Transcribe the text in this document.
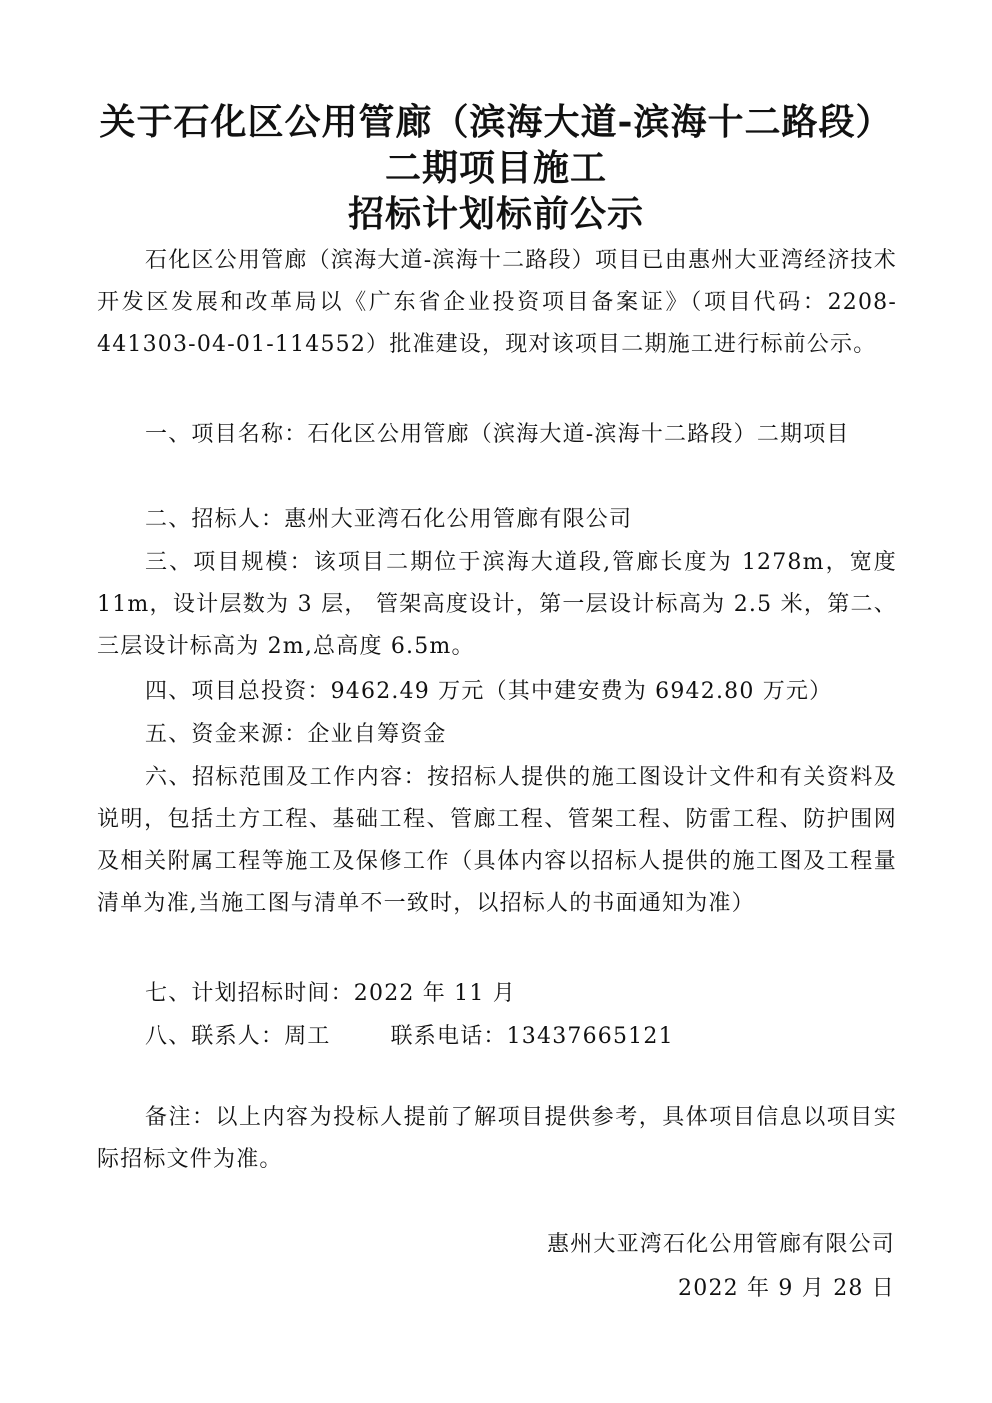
关于石化区公用管廊（滨海大道-滨海十二路段）
二期项目施工
招标计划标前公示

石化区公用管廊（滨海大道-滨海十二路段）项目已由惠州大亚湾经济技术开发区发展和改革局以《广东省企业投资项目备案证》（项目代码：2208-441303-04-01-114552）批准建设，现对该项目二期施工进行标前公示。

一、项目名称：石化区公用管廊（滨海大道-滨海十二路段）二期项目

二、招标人：惠州大亚湾石化公用管廊有限公司

三、项目规模：该项目二期位于滨海大道段,管廊长度为 1278m，宽度 11m，设计层数为 3 层， 管架高度设计，第一层设计标高为 2.5 米，第二、三层设计标高为 2m,总高度 6.5m。

四、项目总投资：9462.49 万元（其中建安费为 6942.80 万元）

五、资金来源：企业自筹资金

六、招标范围及工作内容：按招标人提供的施工图设计文件和有关资料及说明，包括土方工程、基础工程、管廊工程、管架工程、防雷工程、防护围网及相关附属工程等施工及保修工作（具体内容以招标人提供的施工图及工程量清单为准,当施工图与清单不一致时，以招标人的书面通知为准）

七、计划招标时间：2022 年 11 月

八、联系人：周工	联系电话：13437665121

备注：以上内容为投标人提前了解项目提供参考，具体项目信息以项目实际招标文件为准。

惠州大亚湾石化公用管廊有限公司
2022 年 9 月 28 日
